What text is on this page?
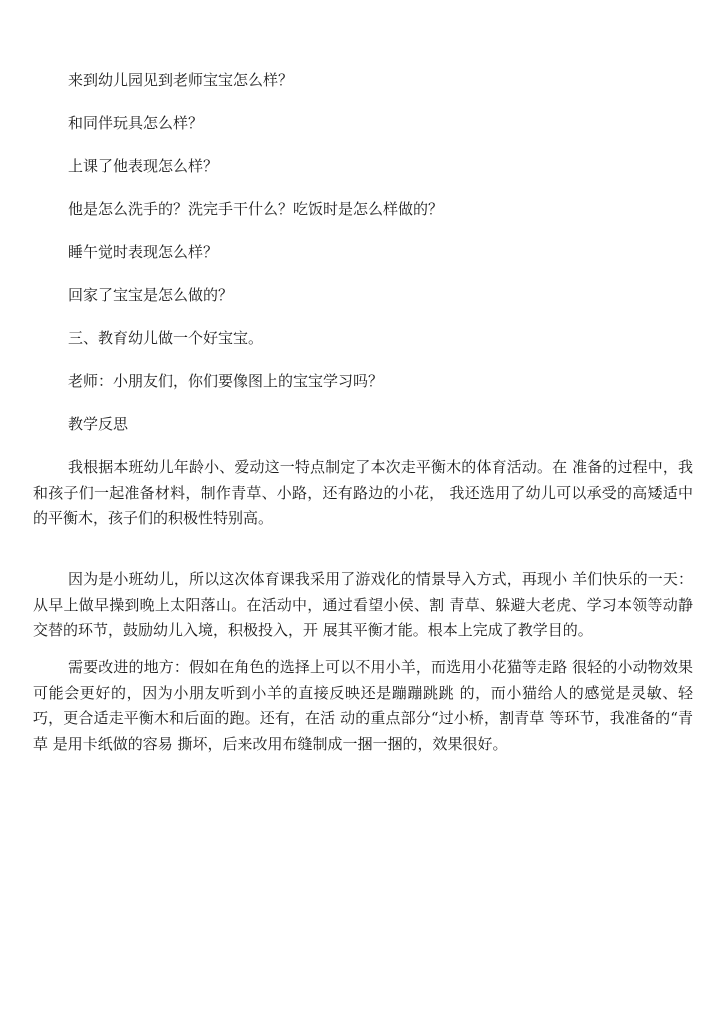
来到幼儿园见到老师宝宝怎么样？

和同伴玩具怎么样？

上课了他表现怎么样？

他是怎么洗手的？洗完手干什么？吃饭时是怎么样做的？

睡午觉时表现怎么样？

回家了宝宝是怎么做的？

三、教育幼儿做一个好宝宝。

老师：小朋友们，你们要像图上的宝宝学习吗？

教学反思

我根据本班幼儿年龄小、爱动这一特点制定了本次走平衡木的体育活动。在 准备的过程中，我和孩子们一起准备材料，制作青草、小路，还有路边的小花， 我还选用了幼儿可以承受的高矮适中的平衡木，孩子们的积极性特别高。

因为是小班幼儿，所以这次体育课我采用了游戏化的情景导入方式，再现小 羊们快乐的一天：从早上做早操到晚上太阳落山。在活动中，通过看望小侯、割 青草、躲避大老虎、学习本领等动静交替的环节，鼓励幼儿入境，积极投入，开 展其平衡才能。根本上完成了教学目的。

需要改进的地方：假如在角色的选择上可以不用小羊，而选用小花猫等走路 很轻的小动物效果可能会更好的，因为小朋友听到小羊的直接反映还是蹦蹦跳跳 的，而小猫给人的感觉是灵敏、轻巧，更合适走平衡木和后面的跑。还有，在活 动的重点部分“过小桥，割青草 等环节，我准备的“青草 是用卡纸做的容易 撕坏，后来改用布缝制成一捆一捆的，效果很好。
